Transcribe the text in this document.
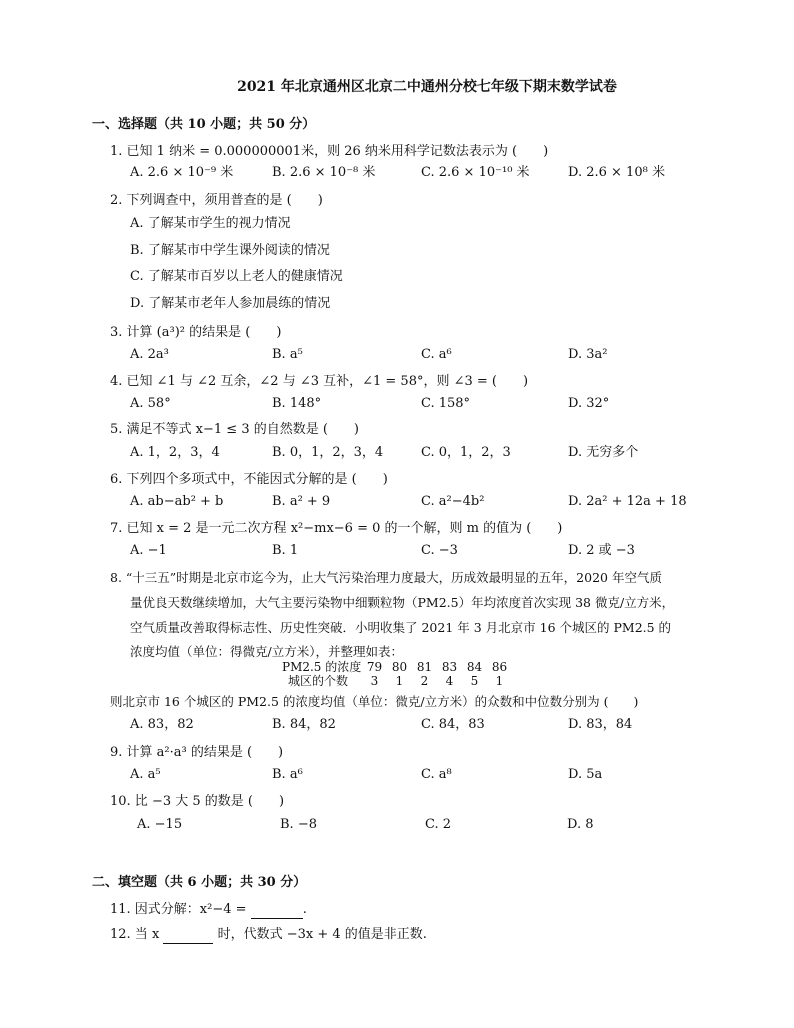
2021 年北京通州区北京二中通州分校七年级下期末数学试卷
一、选择题（共 10 小题；共 50 分）
1. 已知 1 纳米 = 0.000000001米，则 26 纳米用科学记数法表示为 (　　)
A. 2.6 × 10⁻⁹ 米	B. 2.6 × 10⁻⁸ 米	C. 2.6 × 10⁻¹⁰ 米	D. 2.6 × 10⁸ 米
2. 下列调查中，须用普查的是 (　　)
A. 了解某市学生的视力情况
B. 了解某市中学生课外阅读的情况
C. 了解某市百岁以上老人的健康情况
D. 了解某市老年人参加晨练的情况
3. 计算 (a³)² 的结果是 (　　)
A. 2a³	B. a⁵	C. a⁶	D. 3a²
4. 已知 ∠1 与 ∠2 互余，∠2 与 ∠3 互补，∠1 = 58°，则 ∠3 = (　　)
A. 58°	B. 148°	C. 158°	D. 32°
5. 满足不等式 x−1 ≤ 3 的自然数是 (　　)
A. 1，2，3，4	B. 0，1，2，3，4	C. 0，1，2，3	D. 无穷多个
6. 下列四个多项式中，不能因式分解的是 (　　)
A. ab−ab² + b	B. a² + 9	C. a²−4b²	D. 2a² + 12a + 18
7. 已知 x = 2 是一元二次方程 x²−mx−6 = 0 的一个解，则 m 的值为 (　　)
A. −1	B. 1	C. −3	D. 2 或 −3
8. “十三五”时期是北京市迄今为，止大气污染治理力度最大，历成效最明显的五年，2020 年空气质
量优良天数继续增加，大气主要污染物中细颗粒物（PM2.5）年均浓度首次实现 38 微克/立方米，
空气质量改善取得标志性、历史性突破．小明收集了 2021 年 3 月北京市 16 个城区的 PM2.5 的
浓度均值（单位：得微克/立方米），并整理如表：
PM2.5 的浓度 79 80 81 83 84 86
城区的个数 3 1 2 4 5 1
则北京市 16 个城区的 PM2.5 的浓度均值（单位：微克/立方米）的众数和中位数分别为 (　　)
A. 83，82	B. 84，82	C. 84，83	D. 83，84
9. 计算 a²·a³ 的结果是 (　　)
A. a⁵	B. a⁶	C. a⁸	D. 5a
10. 比 −3 大 5 的数是 (　　)
A. −15	B. −8	C. 2	D. 8
二、填空题（共 6 小题；共 30 分）
11. 因式分解：x²−4 =	.
12. 当 x	时，代数式 −3x + 4 的值是非正数.
